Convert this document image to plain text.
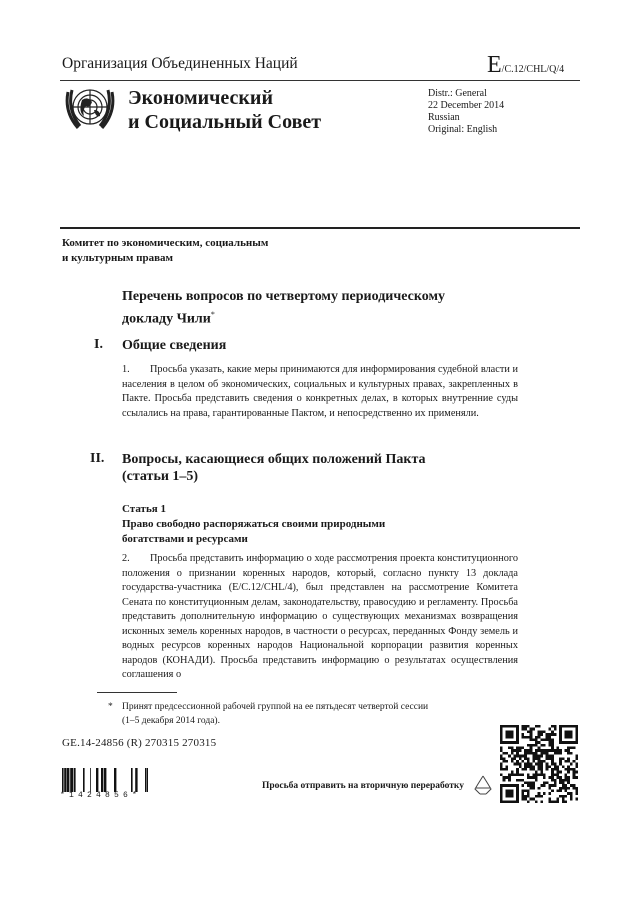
Организация Объединенных Наций	E/C.12/CHL/Q/4
Экономический
и Социальный Совет
Distr.: General
22 December 2014
Russian
Original: English
Комитет по экономическим, социальным
и культурным правам
Перечень вопросов по четвертому периодическому
докладу Чили*
I. Общие сведения
1. Просьба указать, какие меры принимаются для информирования судебной власти и населения в целом об экономических, социальных и культурных правах, закрепленных в Пакте. Просьба представить сведения о конкретных делах, в которых внутренние суды ссылались на права, гарантированные Пактом, и непосредственно их применяли.
II. Вопросы, касающиеся общих положений Пакта
(статьи 1–5)
Статья 1
Право свободно распоряжаться своими природными
богатствами и ресурсами
2. Просьба представить информацию о ходе рассмотрения проекта конституционного положения о признании коренных народов, который, согласно пункту 13 доклада государства-участника (E/C.12/CHL/4), был представлен на рассмотрение Комитета Сената по конституционным делам, законодательству, правосудию и регламенту. Просьба представить дополнительную информацию о существующих механизмах возвращения исконных земель коренных народов, в частности о ресурсах, переданных Фонду земель и водных ресурсов коренных народов Национальной корпорации развития коренных народов (КОНАДИ). Просьба представить информацию о результатах осуществления соглашения о
* Принят предсессионной рабочей группой на ее пятьдесят четвертой сессии
(1–5 декабря 2014 года).
GE.14-24856 (R) 270315 270315
*1424856*
Просьба отправить на вторичную переработку
